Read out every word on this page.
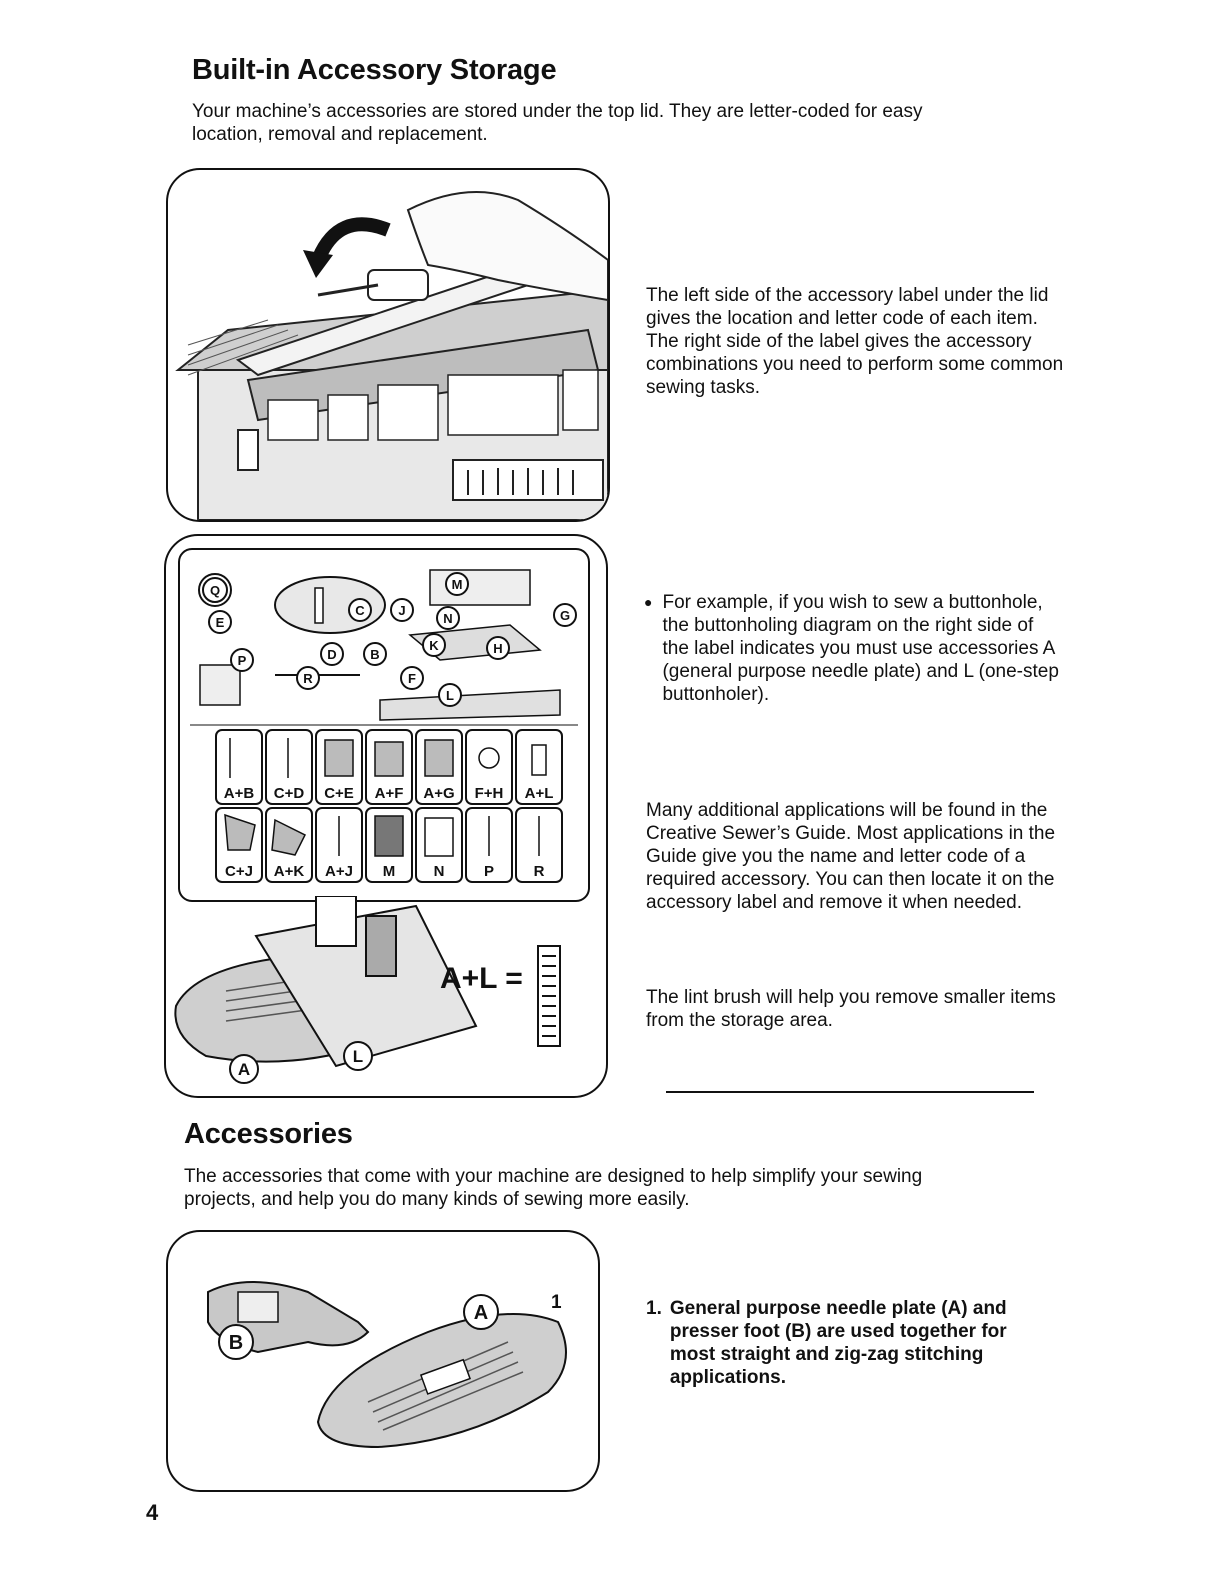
Built-in Accessory Storage

Your machine’s accessories are stored under the top lid. They are letter-coded for easy location, removal and replacement.

The left side of the accessory label under the lid gives the location and letter code of each item. The right side of the label gives the accessory combinations you need to perform some common sewing tasks.

Q
E
P
C	J
N
M
D	B
K	H
G
R	F
L
A+B C+D C+E A+F A+G F+H A+L
C+J A+K A+J M	N	P	R
A
L
A+L =
● For example, if you wish to sew a buttonhole, the buttonholing diagram on the right side of the label indicates you must use accessories A (general purpose needle plate) and L (one-step buttonholer).

Many additional applications will be found in the Creative Sewer’s Guide. Most applications in the Guide give you the name and letter code of a required accessory. You can then locate it on the accessory label and remove it when needed.

The lint brush will help you remove smaller items from the storage area.

Accessories

The accessories that come with your machine are designed to help simplify your sewing projects, and help you do many kinds of sewing more easily.

B
A	1	1. General purpose needle plate (A) and presser foot (B) are used together for most straight and zig-zag stitching applications.
4
